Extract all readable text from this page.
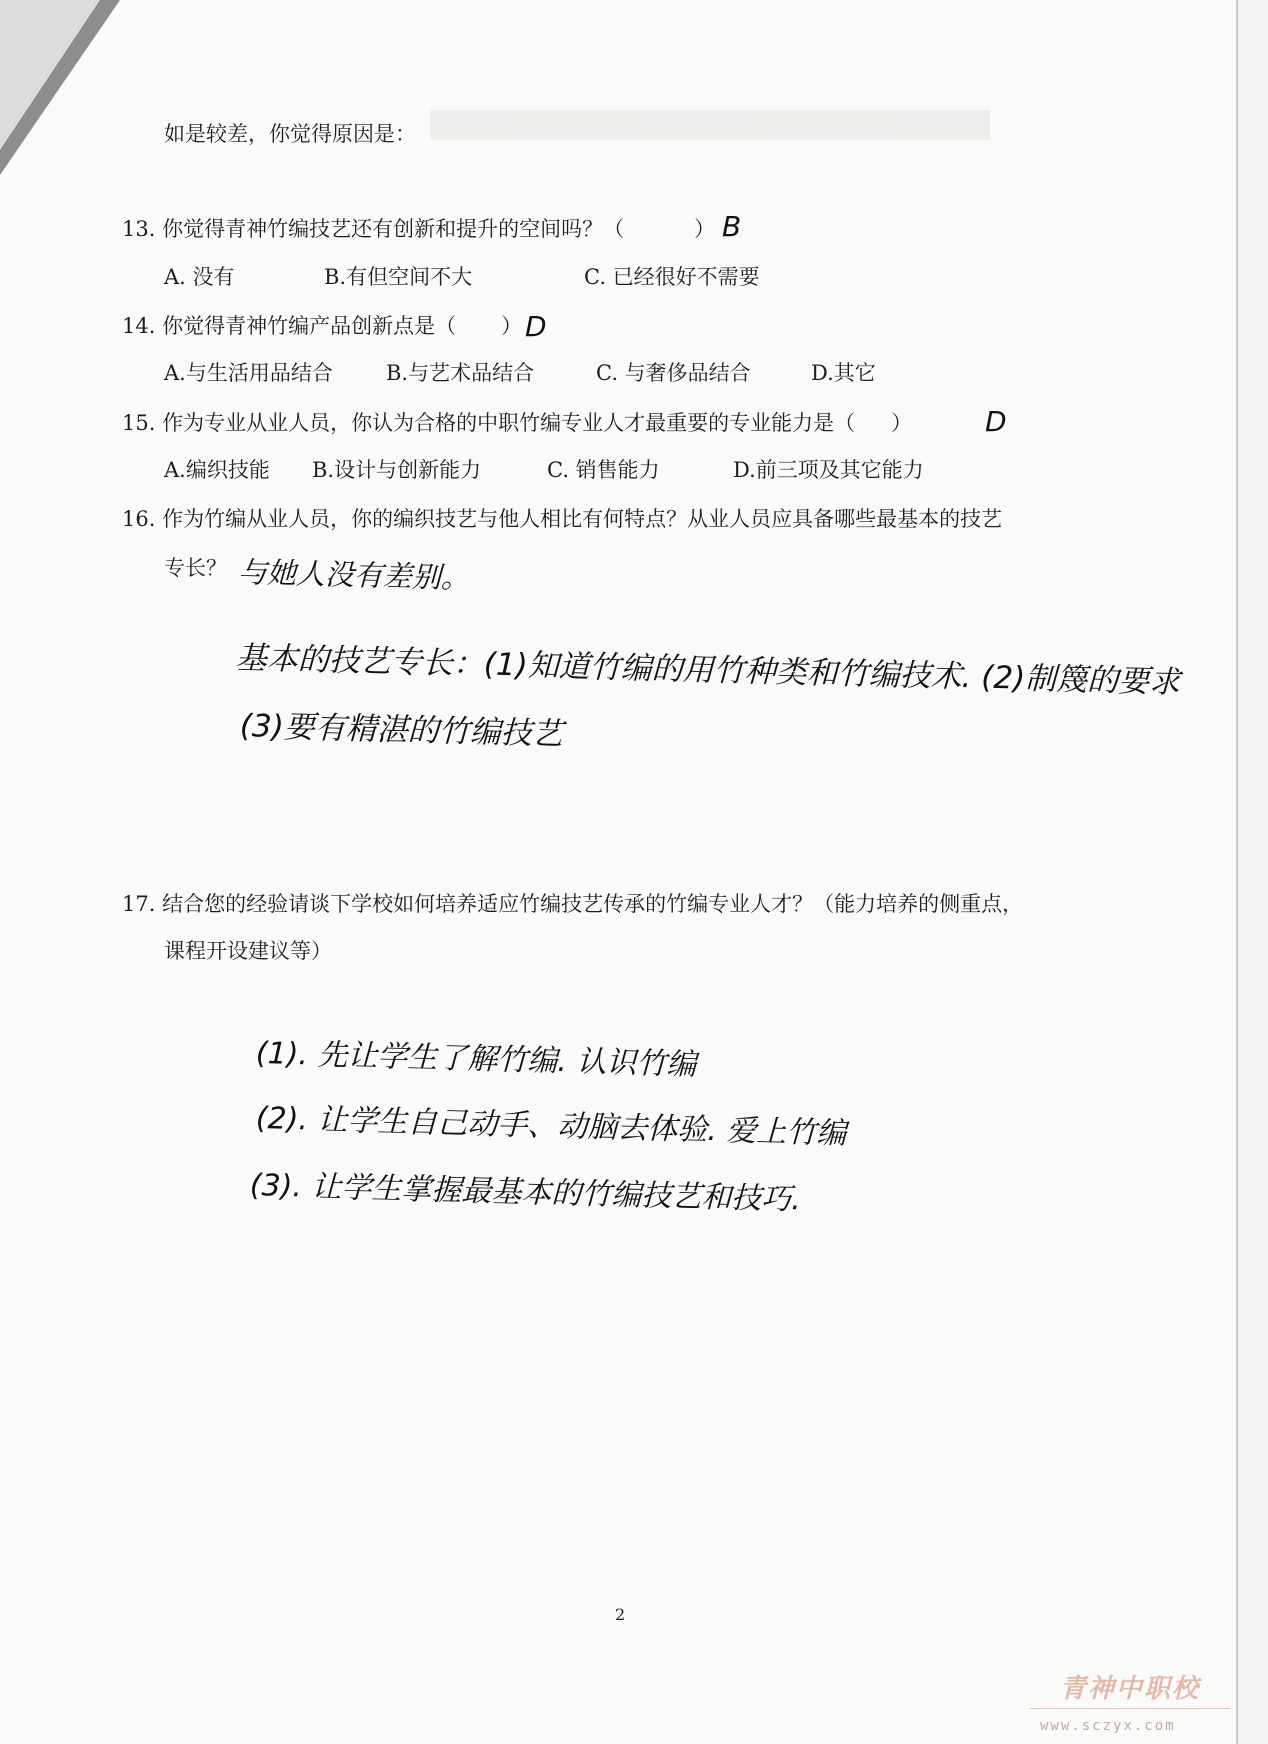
如是较差，你觉得原因是：
13. 你觉得青神竹编技艺还有创新和提升的空间吗？（	） B
A. 没有	B.有但空间不大	C. 已经很好不需要
14. 你觉得青神竹编产品创新点是（ ） D
A.与生活用品结合	B.与艺术品结合	C. 与奢侈品结合	D.其它
15. 作为专业从业人员，你认为合格的中职竹编专业人才最重要的专业能力是（ ）	D
A.编织技能 B.设计与创新能力	C. 销售能力	D.前三项及其它能力
16. 作为竹编从业人员，你的编织技艺与他人相比有何特点？从业人员应具备哪些最基本的技艺
专长？ 与她人没有差别。
基本的技艺专长：(1)知道竹编的用竹种类和竹编技术. (2)制篾的要求
(3)要有精湛的竹编技艺
17. 结合您的经验请谈下学校如何培养适应竹编技艺传承的竹编专业人才？（能力培养的侧重点，
课程开设建议等）
(1). 先让学生了解竹编. 认识竹编
(2). 让学生自己动手、动脑去体验. 爱上竹编
(3). 让学生掌握最基本的竹编技艺和技巧.
2
青神中职校
www.sczyx.com
